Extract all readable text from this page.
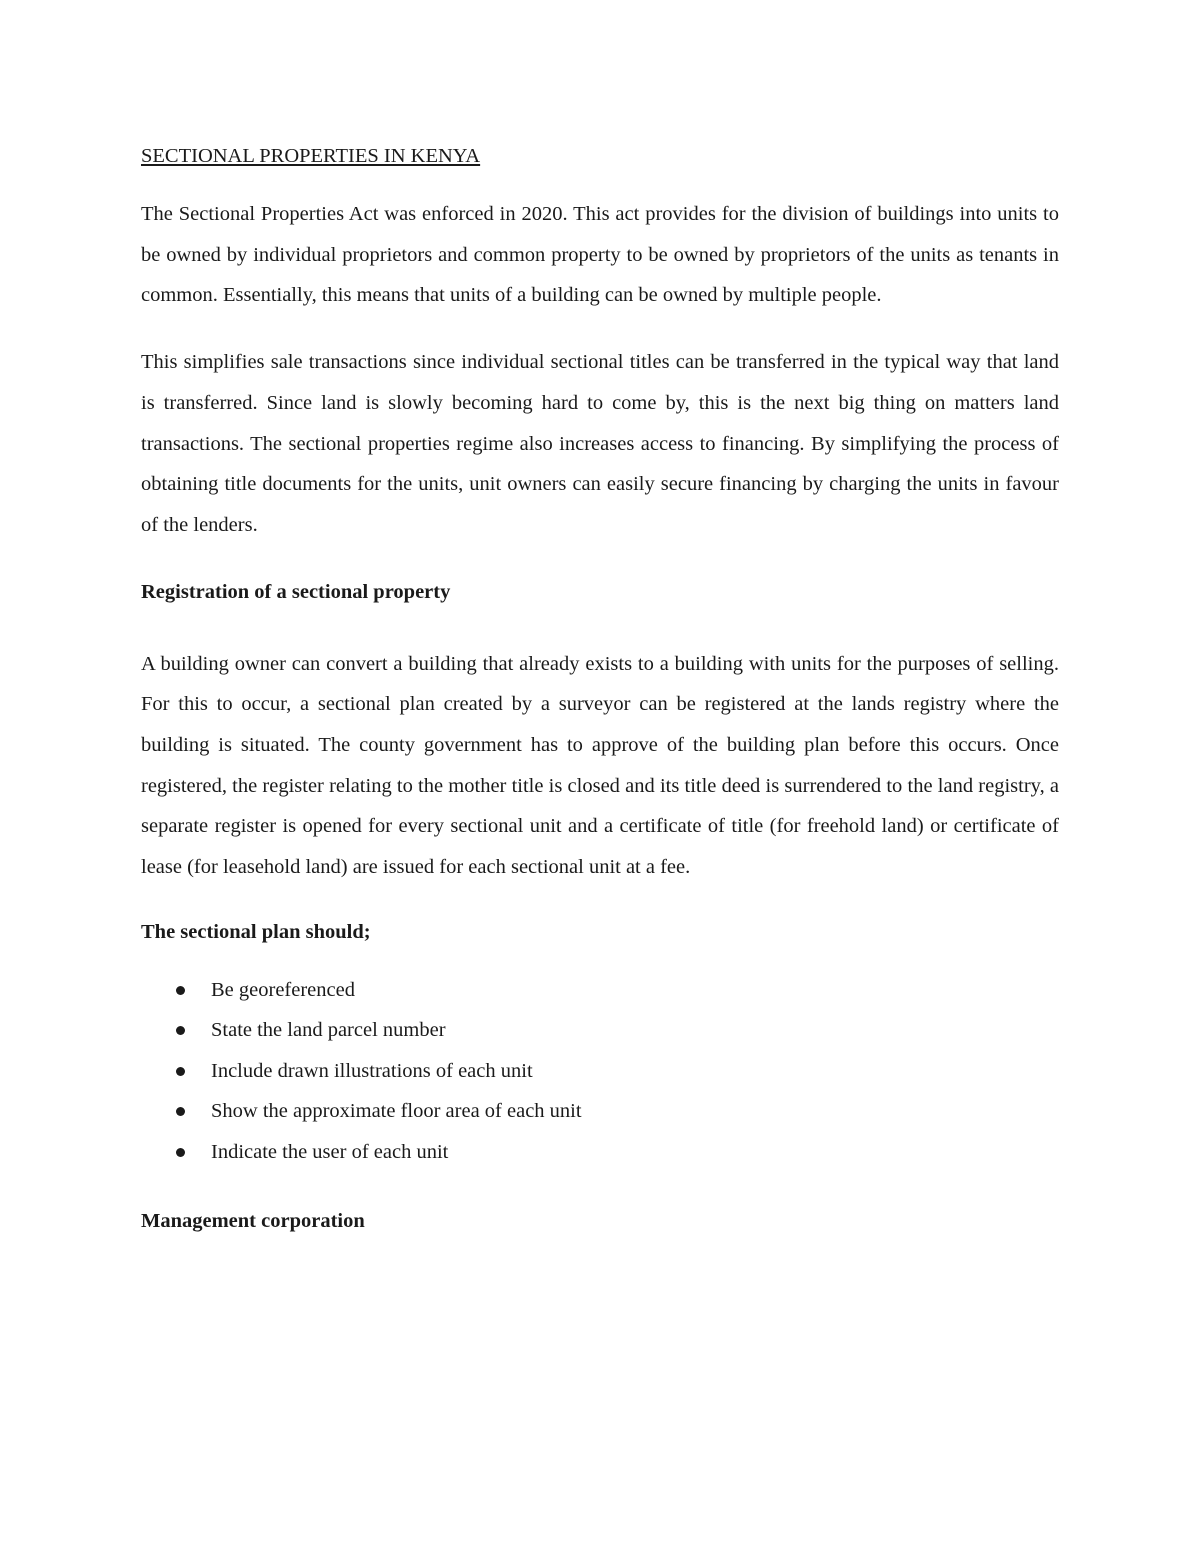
SECTIONAL PROPERTIES IN KENYA

The Sectional Properties Act was enforced in 2020. This act provides for the division of buildings into units to be owned by individual proprietors and common property to be owned by proprietors of the units as tenants in common. Essentially, this means that units of a building can be owned by multiple people.

This simplifies sale transactions since individual sectional titles can be transferred in the typical way that land is transferred. Since land is slowly becoming hard to come by, this is the next big thing on matters land transactions. The sectional properties regime also increases access to financing. By simplifying the process of obtaining title documents for the units, unit owners can easily secure financing by charging the units in favour of the lenders.

Registration of a sectional property

A building owner can convert a building that already exists to a building with units for the purposes of selling. For this to occur, a sectional plan created by a surveyor can be registered at the lands registry where the building is situated. The county government has to approve of the building plan before this occurs. Once registered, the register relating to the mother title is closed and its title deed is surrendered to the land registry, a separate register is opened for every sectional unit and a certificate of title (for freehold land) or certificate of lease (for leasehold land) are issued for each sectional unit at a fee.

The sectional plan should;
Be georeferenced
State the land parcel number
Include drawn illustrations of each unit
Show the approximate floor area of each unit
Indicate the user of each unit
Management corporation
